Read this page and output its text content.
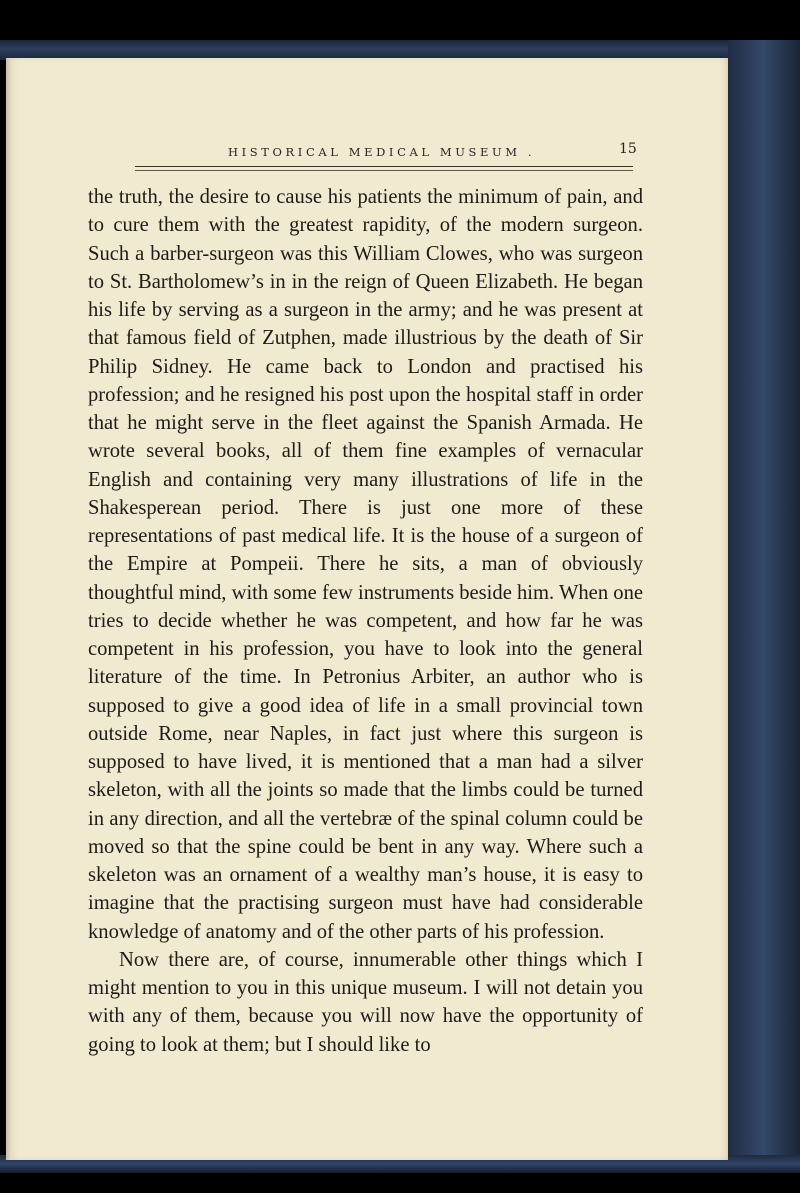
HISTORICAL MEDICAL MUSEUM .	15

the truth, the desire to cause his patients the minimum of pain, and to cure them with the greatest rapidity, of the modern surgeon. Such a barber-surgeon was this William Clowes, who was surgeon to St. Bartholomew’s in in the reign of Queen Elizabeth. He began his life by serving as a surgeon in the army; and he was present at that famous field of Zutphen, made illustrious by the death of Sir Philip Sidney. He came back to London and practised his profession; and he resigned his post upon the hospital staff in order that he might serve in the fleet against the Spanish Armada. He wrote several books, all of them fine examples of vernacular English and containing very many illustrations of life in the Shakesperean period. There is just one more of these representations of past medical life. It is the house of a surgeon of the Empire at Pompeii. There he sits, a man of obviously thoughtful mind, with some few instruments beside him. When one tries to decide whether he was competent, and how far he was competent in his profession, you have to look into the general literature of the time. In Petronius Arbiter, an author who is supposed to give a good idea of life in a small provincial town outside Rome, near Naples, in fact just where this surgeon is supposed to have lived, it is mentioned that a man had a silver skeleton, with all the joints so made that the limbs could be turned in any direction, and all the vertebræ of the spinal column could be moved so that the spine could be bent in any way. Where such a skeleton was an ornament of a wealthy man’s house, it is easy to imagine that the practising surgeon must have had considerable knowledge of anatomy and of the other parts of his profession.

Now there are, of course, innumerable other things which I might mention to you in this unique museum. I will not detain you with any of them, because you will now have the opportunity of going to look at them; but I should like to
